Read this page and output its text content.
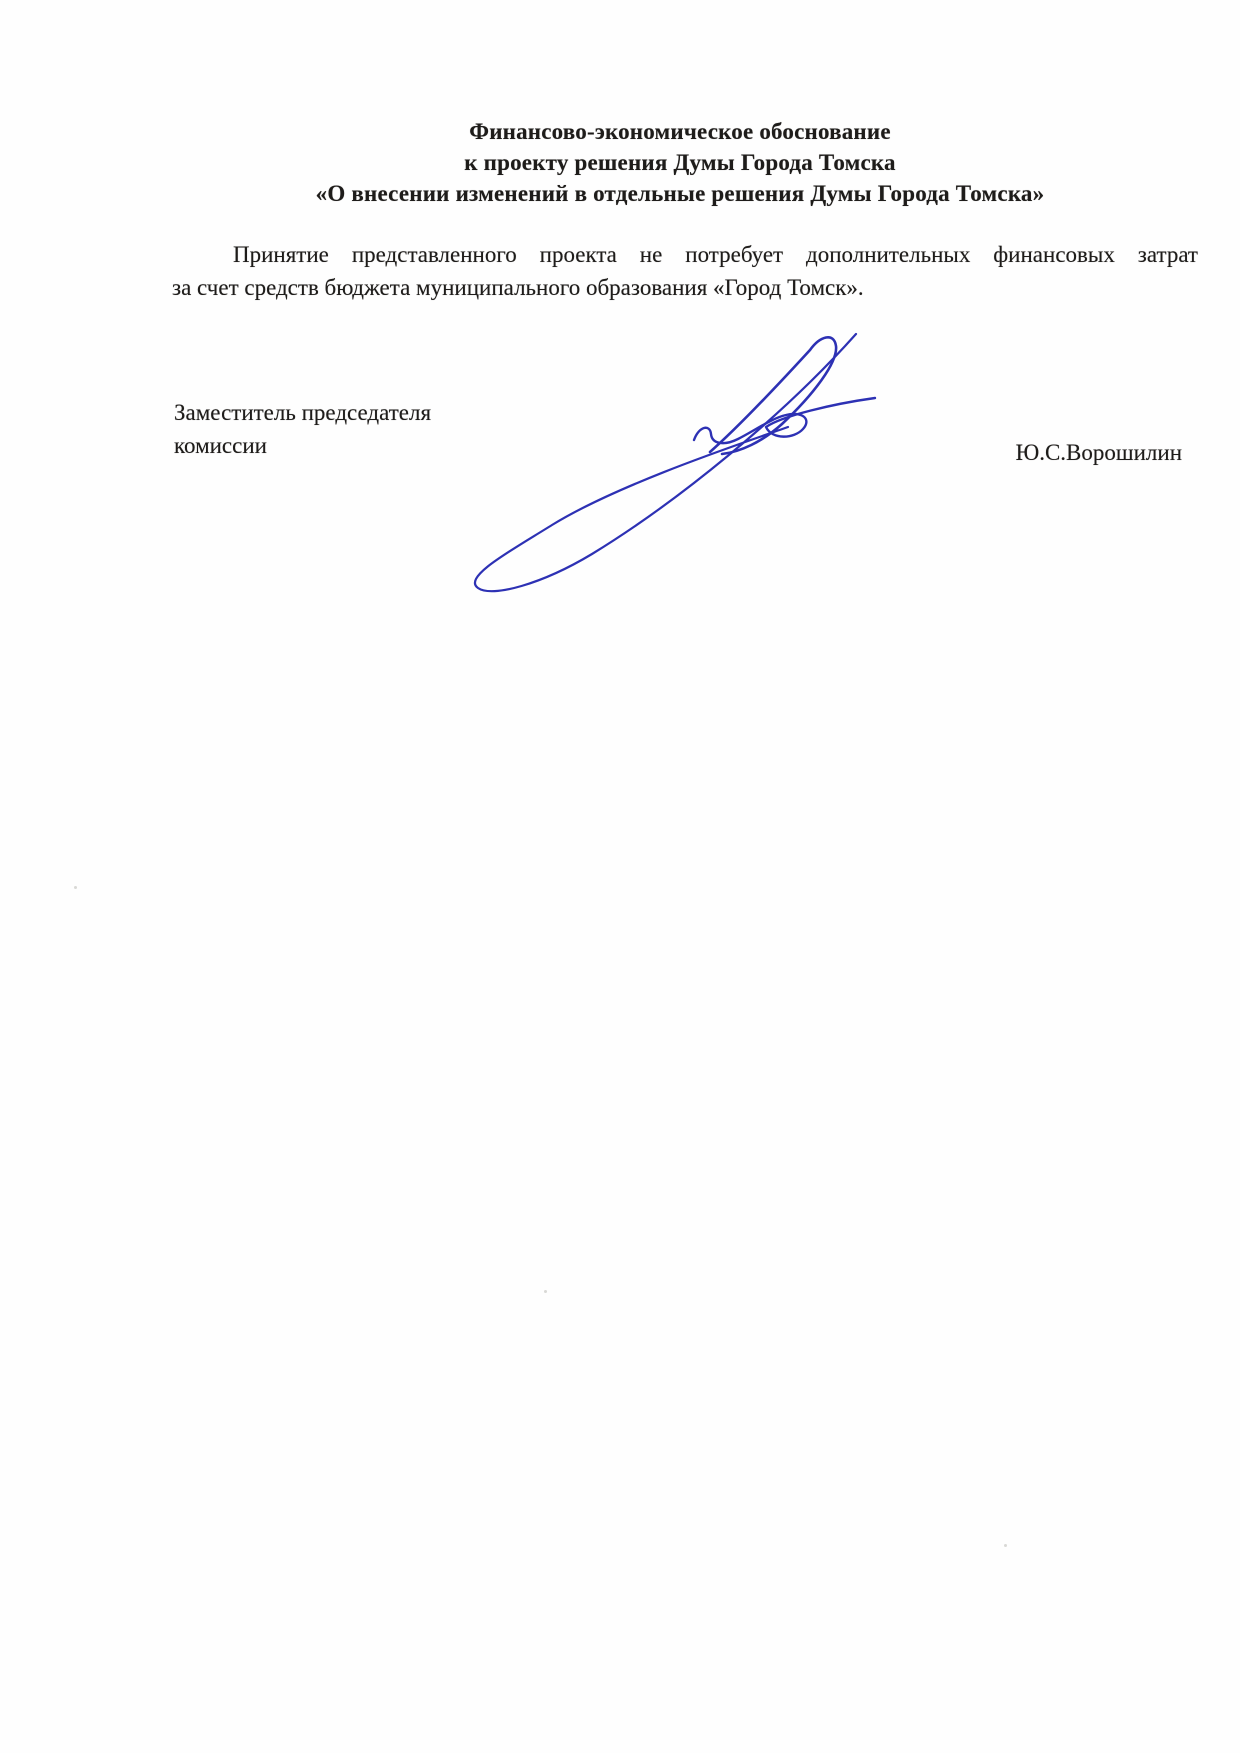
Финансово-экономическое обоснование
к проекту решения Думы Города Томска
«О внесении изменений в отдельные решения Думы Города Томска»
Принятие представленного проекта не потребует дополнительных финансовых затрат
за счет средств бюджета муниципального образования «Город Томск».
Заместитель председателя
комиссии	Ю.С.Ворошилин
